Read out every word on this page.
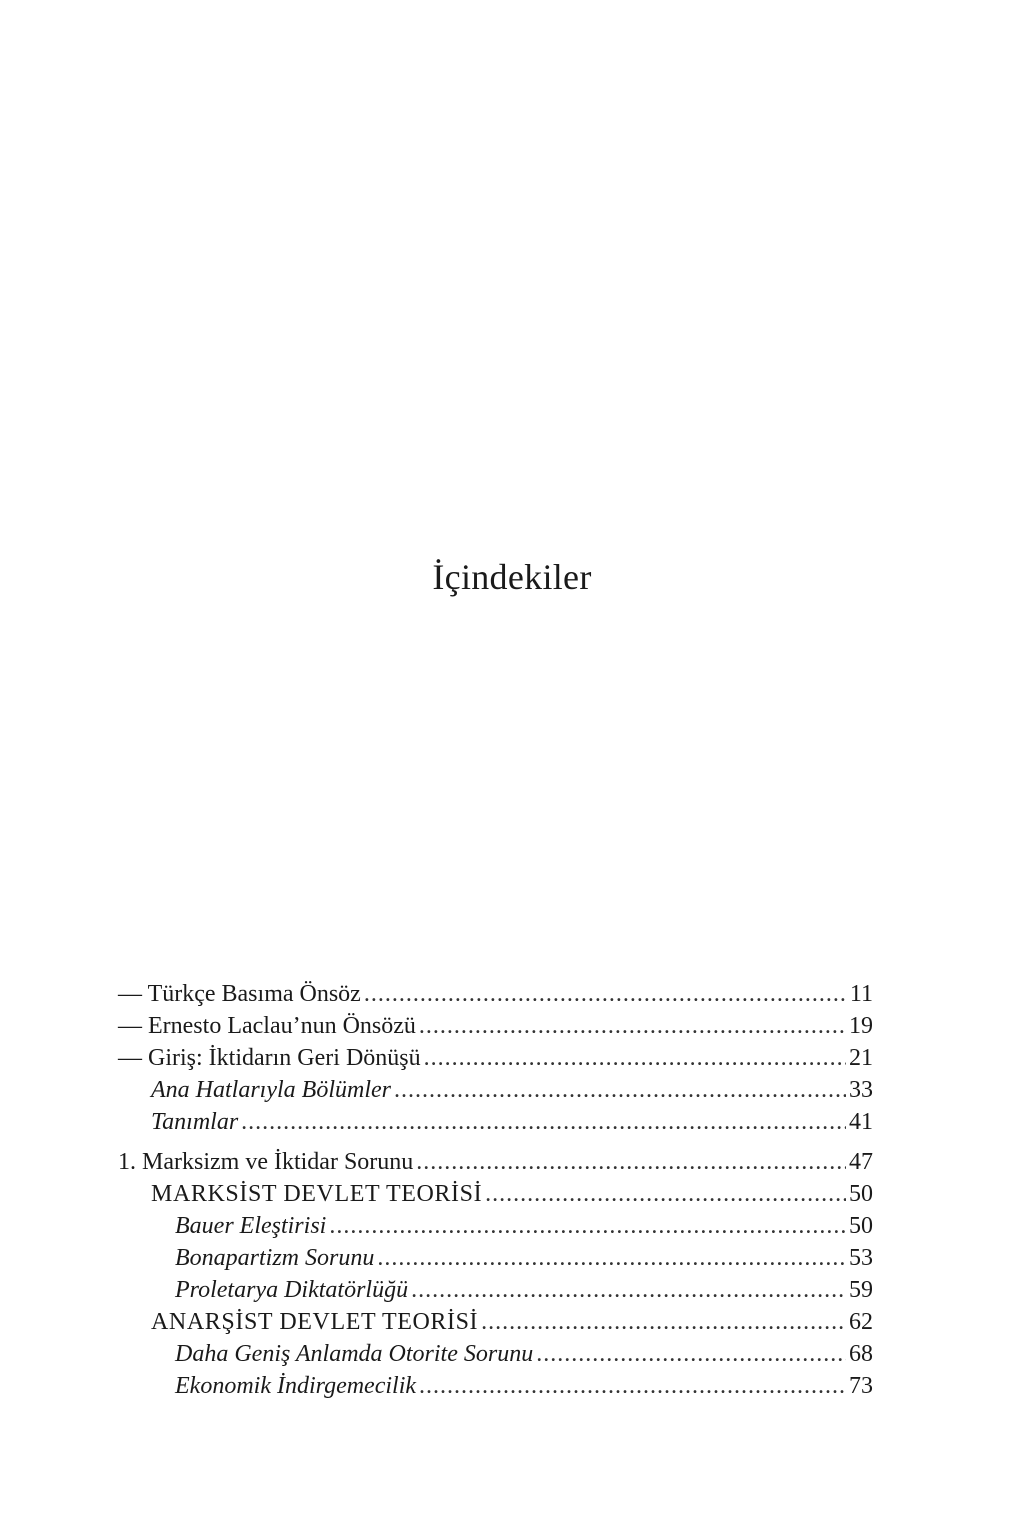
İçindekiler
— Türkçe Basıma Önsöz .....	11
— Ernesto Laclau’nun Önsözü .....	19
— Giriş: İktidarın Geri Dönüşü .....	21
Ana Hatlarıyla Bölümler .....	33
Tanımlar .....	41
1. Marksizm ve İktidar Sorunu .....	47
MARKSİST DEVLET TEORİSİ .....	50
Bauer Eleştirisi .....	50
Bonapartizm Sorunu .....	53
Proletarya Diktatörlüğü .....	59
ANARŞİST DEVLET TEORİSİ .....	62
Daha Geniş Anlamda Otorite Sorunu .....	68
Ekonomik İndirgemecilik .....	73
